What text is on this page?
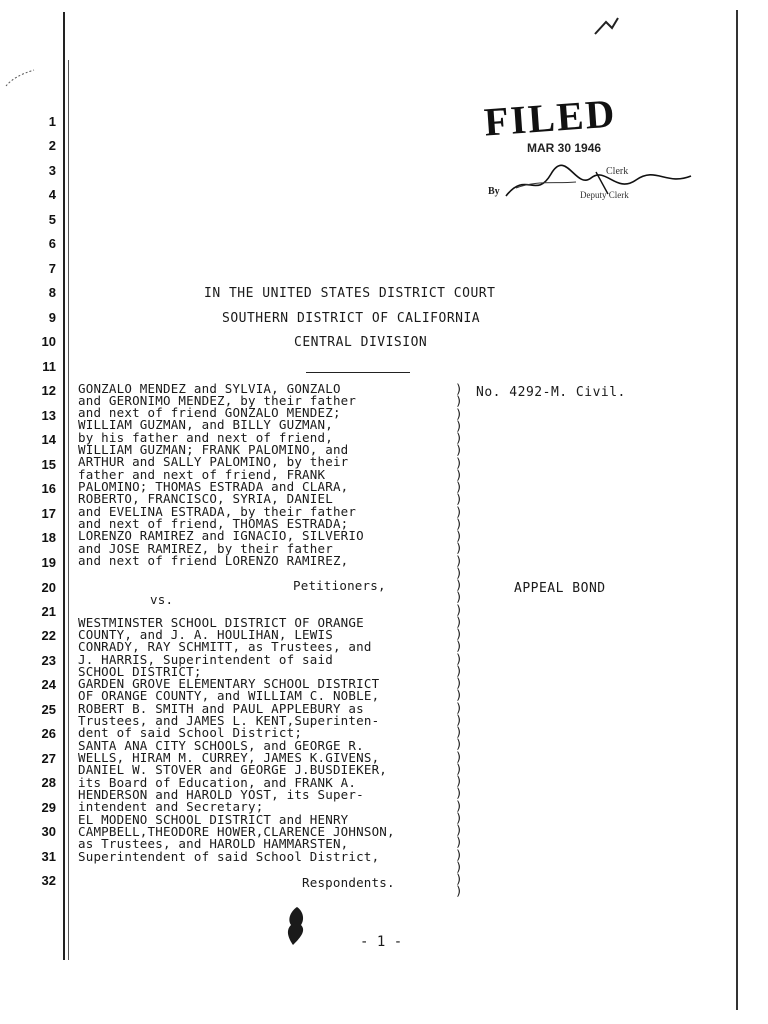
FILED
MAR 30 1946
Clerk
By	Deputy Clerk
1
2
3
4
5
6
7
8
9
10
11
12
13
14
15
16
17
18
19
20
21
22
23
24
25
26
27
28
29
30
31
32
IN THE UNITED STATES DISTRICT COURT
SOUTHERN DISTRICT OF CALIFORNIA
CENTRAL DIVISION
No. 4292-M. Civil.
APPEAL BOND
GONZALO MENDEZ and SYLVIA, GONZALO
and GERONIMO MENDEZ, by their father
and next of friend GONZALO MENDEZ;
WILLIAM GUZMAN, and BILLY GUZMAN,
by his father and next of friend,
WILLIAM GUZMAN; FRANK PALOMINO, and
ARTHUR and SALLY PALOMINO, by their
father and next of friend, FRANK
PALOMINO; THOMAS ESTRADA and CLARA,
ROBERTO, FRANCISCO, SYRIA, DANIEL
and EVELINA ESTRADA, by their father
and next of friend, THOMAS ESTRADA;
LORENZO RAMIREZ and IGNACIO, SILVERIO
and JOSE RAMIREZ, by their father
and next of friend LORENZO RAMIREZ,
Petitioners,
vs.
WESTMINSTER SCHOOL DISTRICT OF ORANGE
COUNTY, and J. A. HOULIHAN, LEWIS
CONRADY, RAY SCHMITT, as Trustees, and
J. HARRIS, Superintendent of said
SCHOOL DISTRICT;
GARDEN GROVE ELEMENTARY SCHOOL DISTRICT
OF ORANGE COUNTY, and WILLIAM C. NOBLE,
ROBERT B. SMITH and PAUL APPLEBURY as
Trustees, and JAMES L. KENT,Superinten-
dent of said School District;
SANTA ANA CITY SCHOOLS, and GEORGE R.
WELLS, HIRAM M. CURREY, JAMES K.GIVENS,
DANIEL W. STOVER and GEORGE J.BUSDIEKER,
its Board of Education, and FRANK A.
HENDERSON and HAROLD YOST, its Super-
intendent and Secretary;
EL MODENO SCHOOL DISTRICT and HENRY
CAMPBELL,THEODORE HOWER,CLARENCE JOHNSON,
as Trustees, and HAROLD HAMMARSTEN,
Superintendent of said School District,
Respondents.
)
)
)
)
)
)
)
)
)
)
)
)
)
)
)
)
)
)
)
)
)
)
)
)
)
)
)
)
)
)
)
)
)
)
)
)
)
)
)
)
)
)
- 1 -
